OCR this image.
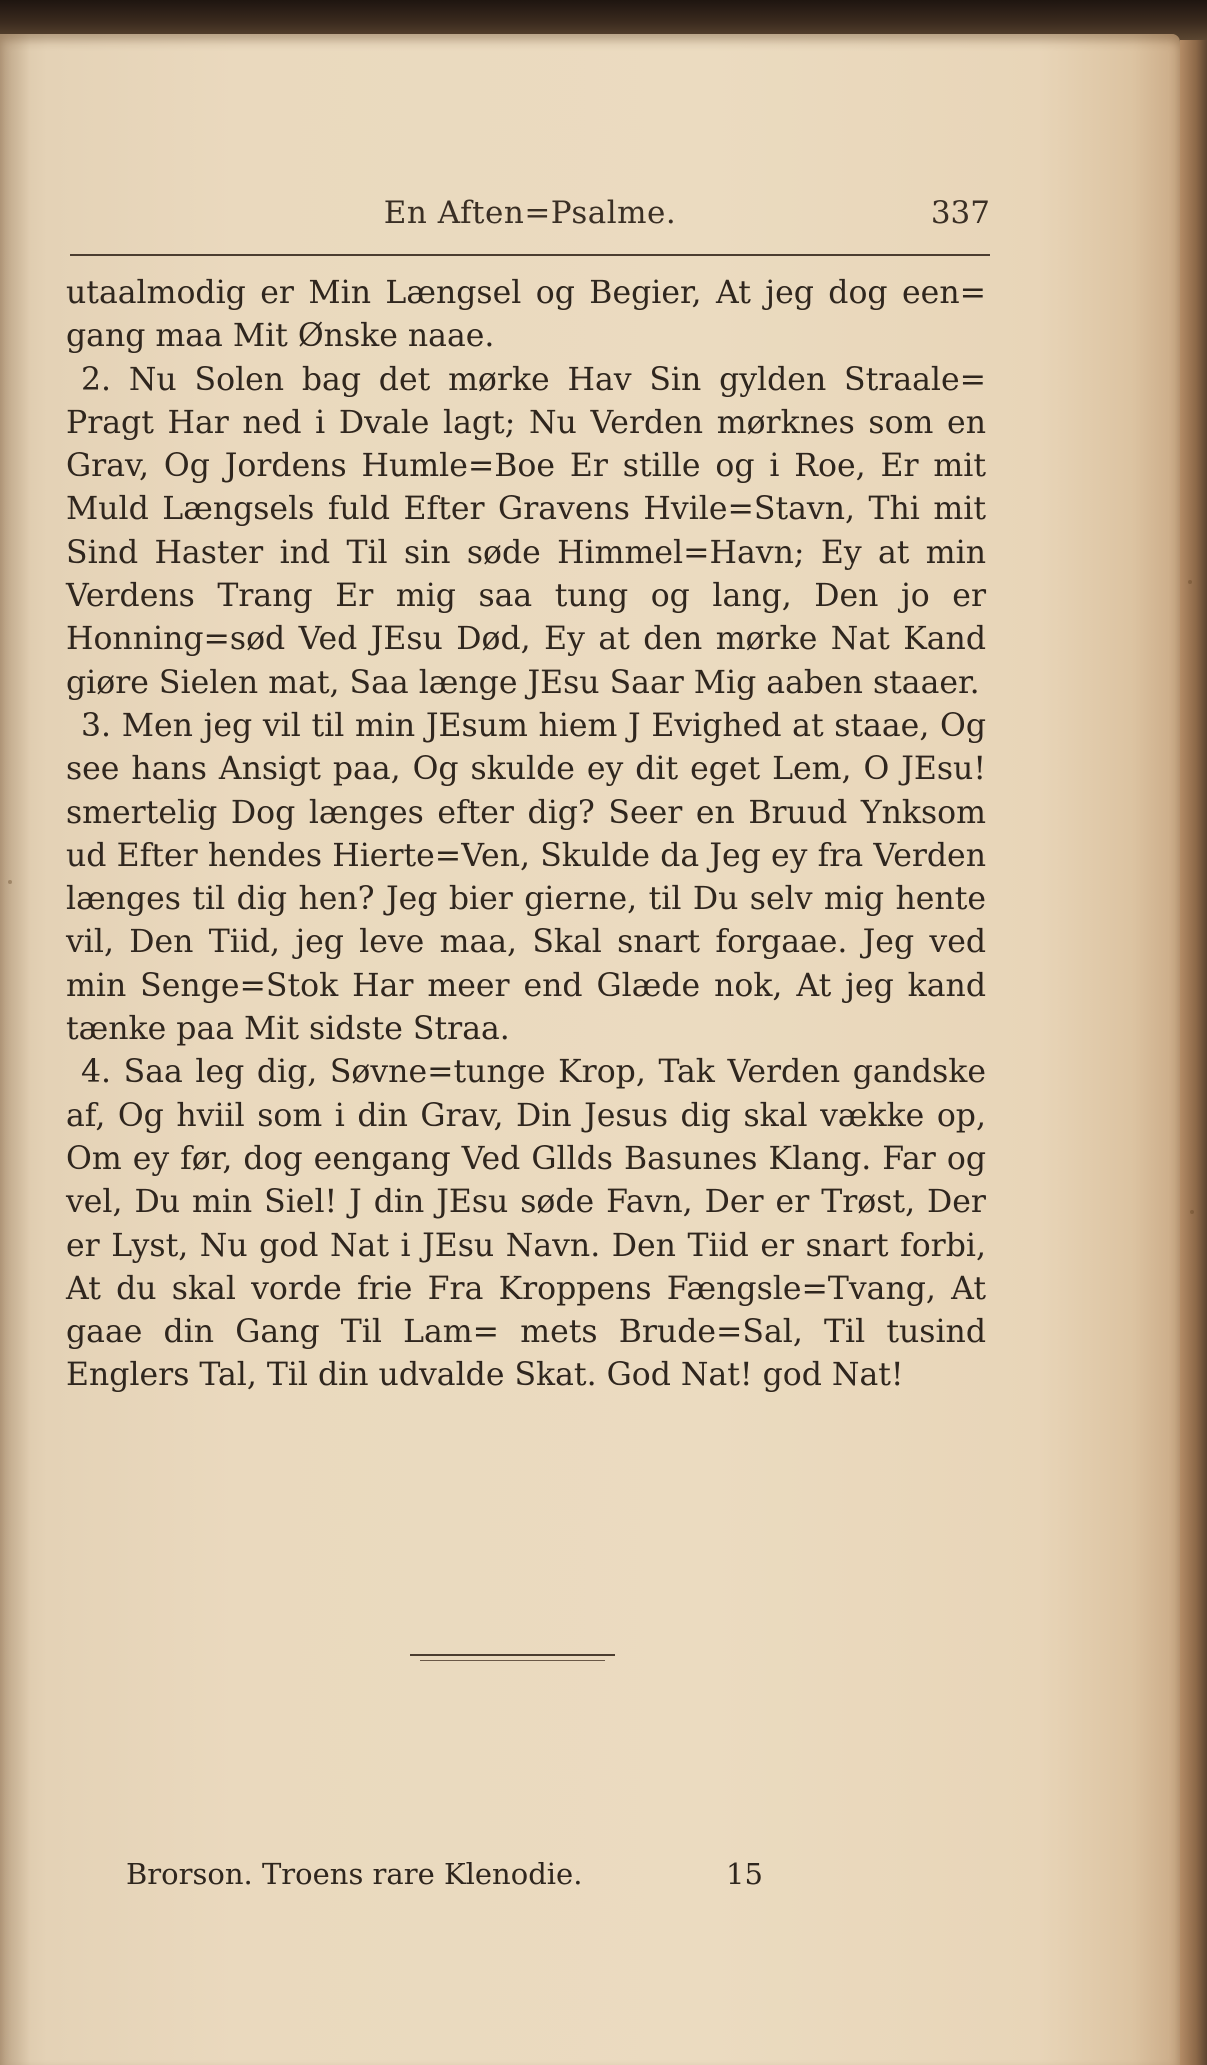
En Aften=Psalme.	337

utaalmodig er Min Længsel og Begier, At jeg dog een= gang maa Mit Ønske naae.

2. Nu Solen bag det mørke Hav Sin gylden Straale= Pragt Har ned i Dvale lagt; Nu Verden mørknes som en Grav, Og Jordens Humle=Boe Er stille og i Roe, Er mit Muld Længsels fuld Efter Gravens Hvile=Stavn, Thi mit Sind Haster ind Til sin søde Himmel=Havn; Ey at min Verdens Trang Er mig saa tung og lang, Den jo er Honning=sød Ved JEsu Død, Ey at den mørke Nat Kand giøre Sielen mat, Saa længe JEsu Saar Mig aaben staaer.

3. Men jeg vil til min JEsum hiem J Evighed at staae, Og see hans Ansigt paa, Og skulde ey dit eget Lem, O JEsu! smertelig Dog længes efter dig? Seer en Bruud Ynksom ud Efter hendes Hierte=Ven, Skulde da Jeg ey fra Verden længes til dig hen? Jeg bier gierne, til Du selv mig hente vil, Den Tiid, jeg leve maa, Skal snart forgaae. Jeg ved min Senge=Stok Har meer end Glæde nok, At jeg kand tænke paa Mit sidste Straa.

4. Saa leg dig, Søvne=tunge Krop, Tak Verden gandske af, Og hviil som i din Grav, Din Jesus dig skal vække op, Om ey før, dog eengang Ved Gllds Basunes Klang. Far og vel, Du min Siel! J din JEsu søde Favn, Der er Trøst, Der er Lyst, Nu god Nat i JEsu Navn. Den Tiid er snart forbi, At du skal vorde frie Fra Kroppens Fængsle=Tvang, At gaae din Gang Til Lam= mets Brude=Sal, Til tusind Englers Tal, Til din udvalde Skat. God Nat! god Nat!

Brorson. Troens rare Klenodie.	15
